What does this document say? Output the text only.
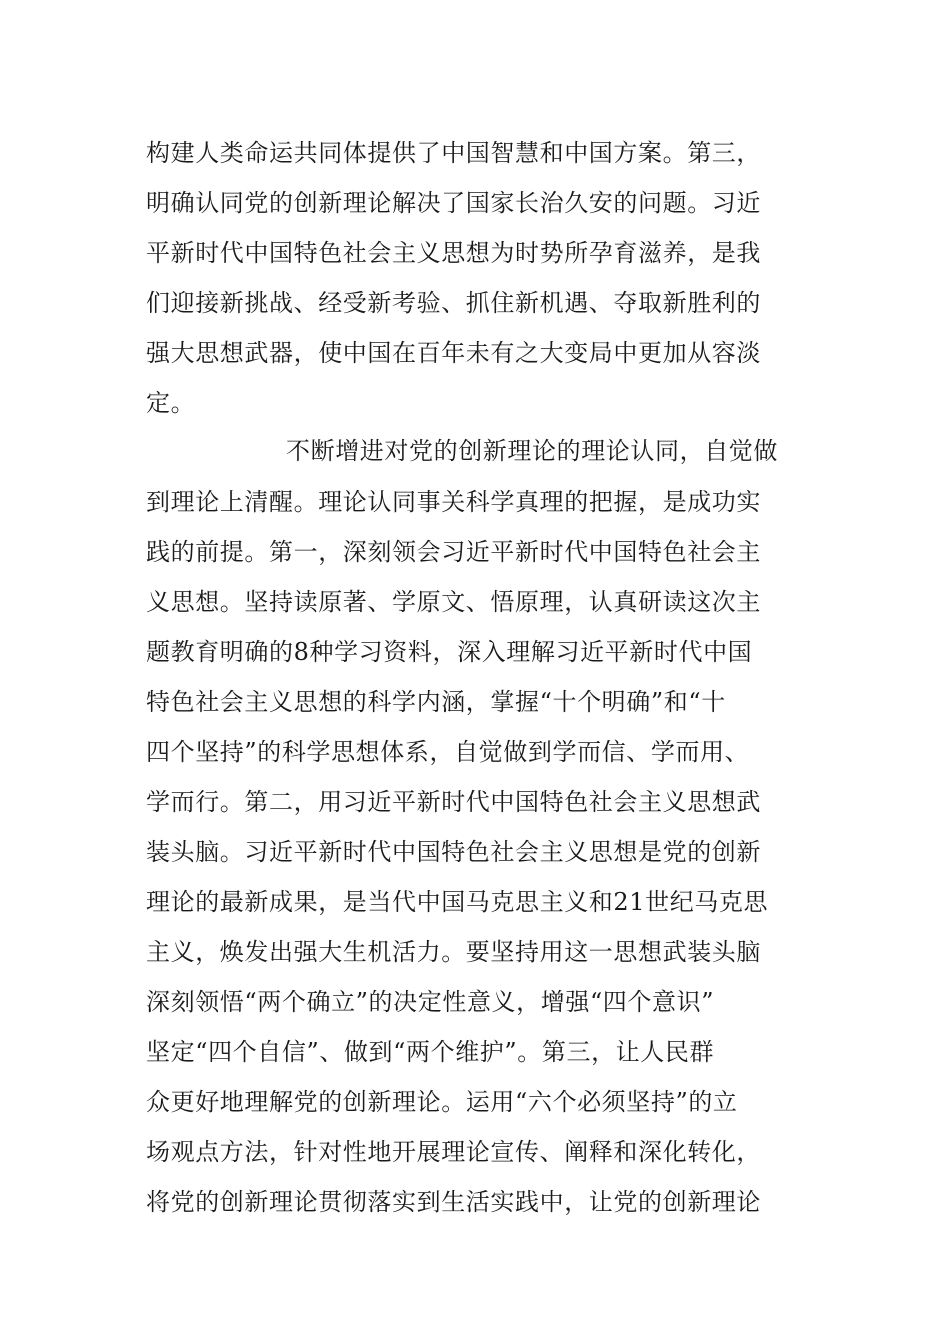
构建人类命运共同体提供了中国智慧和中国方案。第三，
明确认同党的创新理论解决了国家长治久安的问题。习近
平新时代中国特色社会主义思想为时势所孕育滋养，是我
们迎接新挑战、经受新考验、抓住新机遇、夺取新胜利的
强大思想武器，使中国在百年未有之大变局中更加从容淡
定。
不断增进对党的创新理论的理论认同，自觉做
到理论上清醒。理论认同事关科学真理的把握，是成功实
践的前提。第一，深刻领会习近平新时代中国特色社会主
义思想。坚持读原著、学原文、悟原理，认真研读这次主
题教育明确的8种学习资料，深入理解习近平新时代中国
特色社会主义思想的科学内涵，掌握“十个明确”和“十
四个坚持”的科学思想体系，自觉做到学而信、学而用、
学而行。第二，用习近平新时代中国特色社会主义思想武
装头脑。习近平新时代中国特色社会主义思想是党的创新
理论的最新成果，是当代中国马克思主义和21世纪马克思
主义，焕发出强大生机活力。要坚持用这一思想武装头脑
深刻领悟“两个确立”的决定性意义，增强“四个意识”
坚定“四个自信”、做到“两个维护”。第三，让人民群
众更好地理解党的创新理论。运用“六个必须坚持”的立
场观点方法，针对性地开展理论宣传、阐释和深化转化，
将党的创新理论贯彻落实到生活实践中，让党的创新理论
